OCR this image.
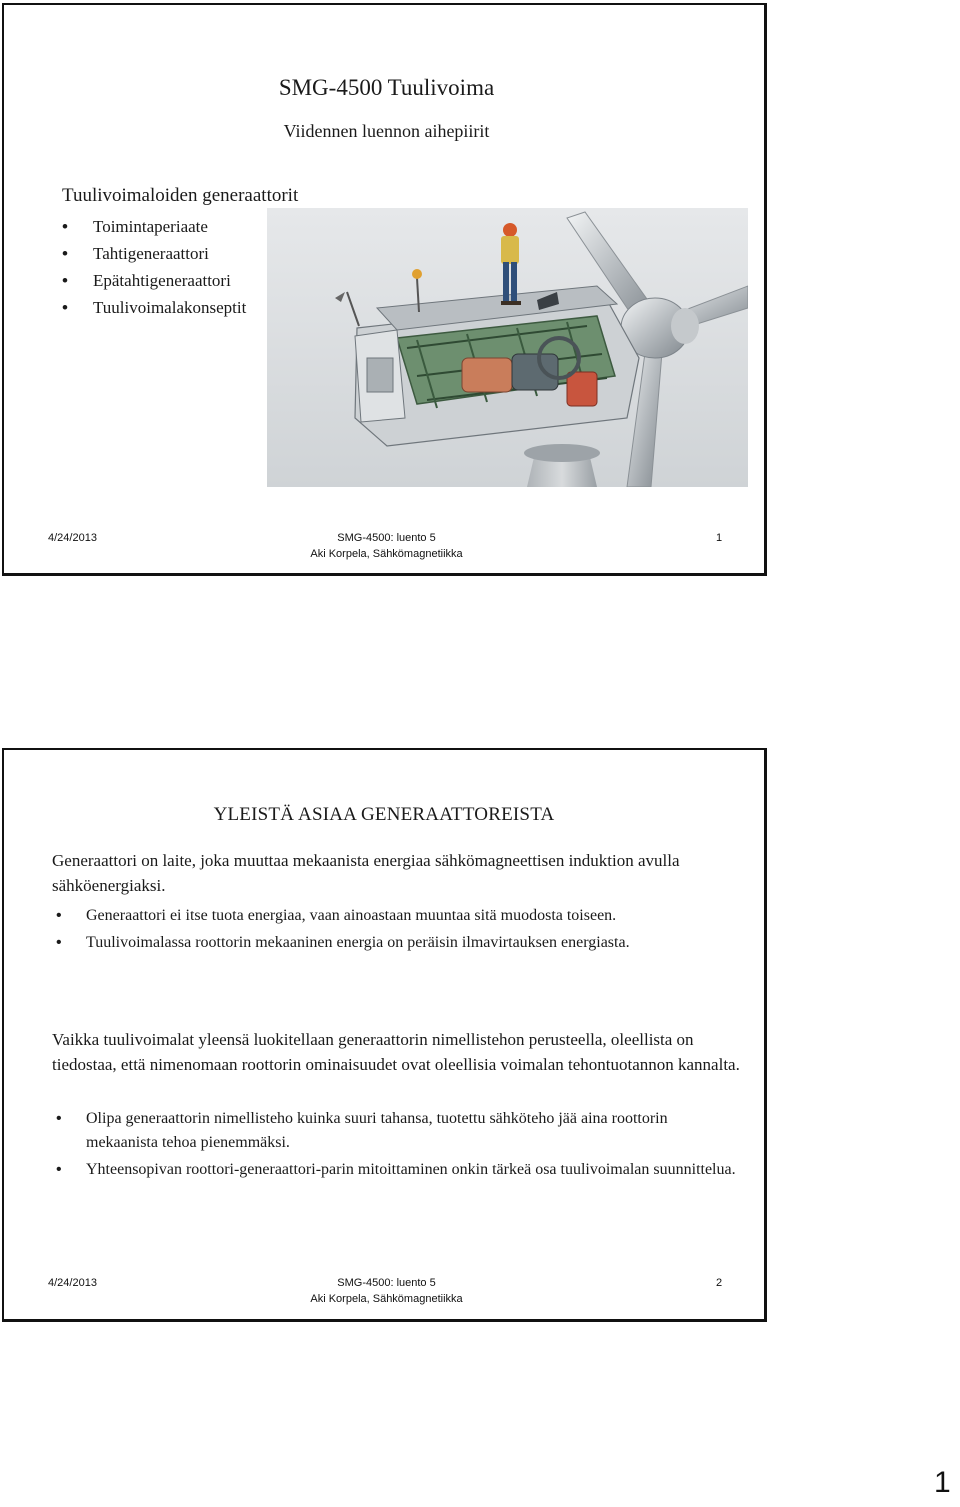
SMG-4500 Tuulivoima
Viidennen luennon aihepiirit
Tuulivoimaloiden generaattorit
• Toimintaperiaate
• Tahtigeneraattori
• Epätahtigeneraattori
• Tuulivoimalakonseptit
4/24/2013	SMG-4500: luento 5
Aki Korpela, Sähkömagnetiikka
1
YLEISTÄ ASIAA GENERAATTOREISTA

Generaattori on laite, joka muuttaa mekaanista energiaa sähkömagneettisen induktion avulla sähköenergiaksi.

• Generaattori ei itse tuota energiaa, vaan ainoastaan muuntaa sitä muodosta toiseen.
• Tuulivoimalassa roottorin mekaaninen energia on peräisin ilmavirtauksen energiasta.

Vaikka tuulivoimalat yleensä luokitellaan generaattorin nimellistehon perusteella, oleellista on tiedostaa, että nimenomaan roottorin ominaisuudet ovat oleellisia voimalan tehontuotannon kannalta.

• Olipa generaattorin nimellisteho kuinka suuri tahansa, tuotettu sähköteho jää aina roottorin mekaanista tehoa pienemmäksi.
• Yhteensopivan roottori-generaattori-parin mitoittaminen onkin tärkeä osa tuulivoimalan suunnittelua.
4/24/2013	SMG-4500: luento 5
Aki Korpela, Sähkömagnetiikka
2
1
